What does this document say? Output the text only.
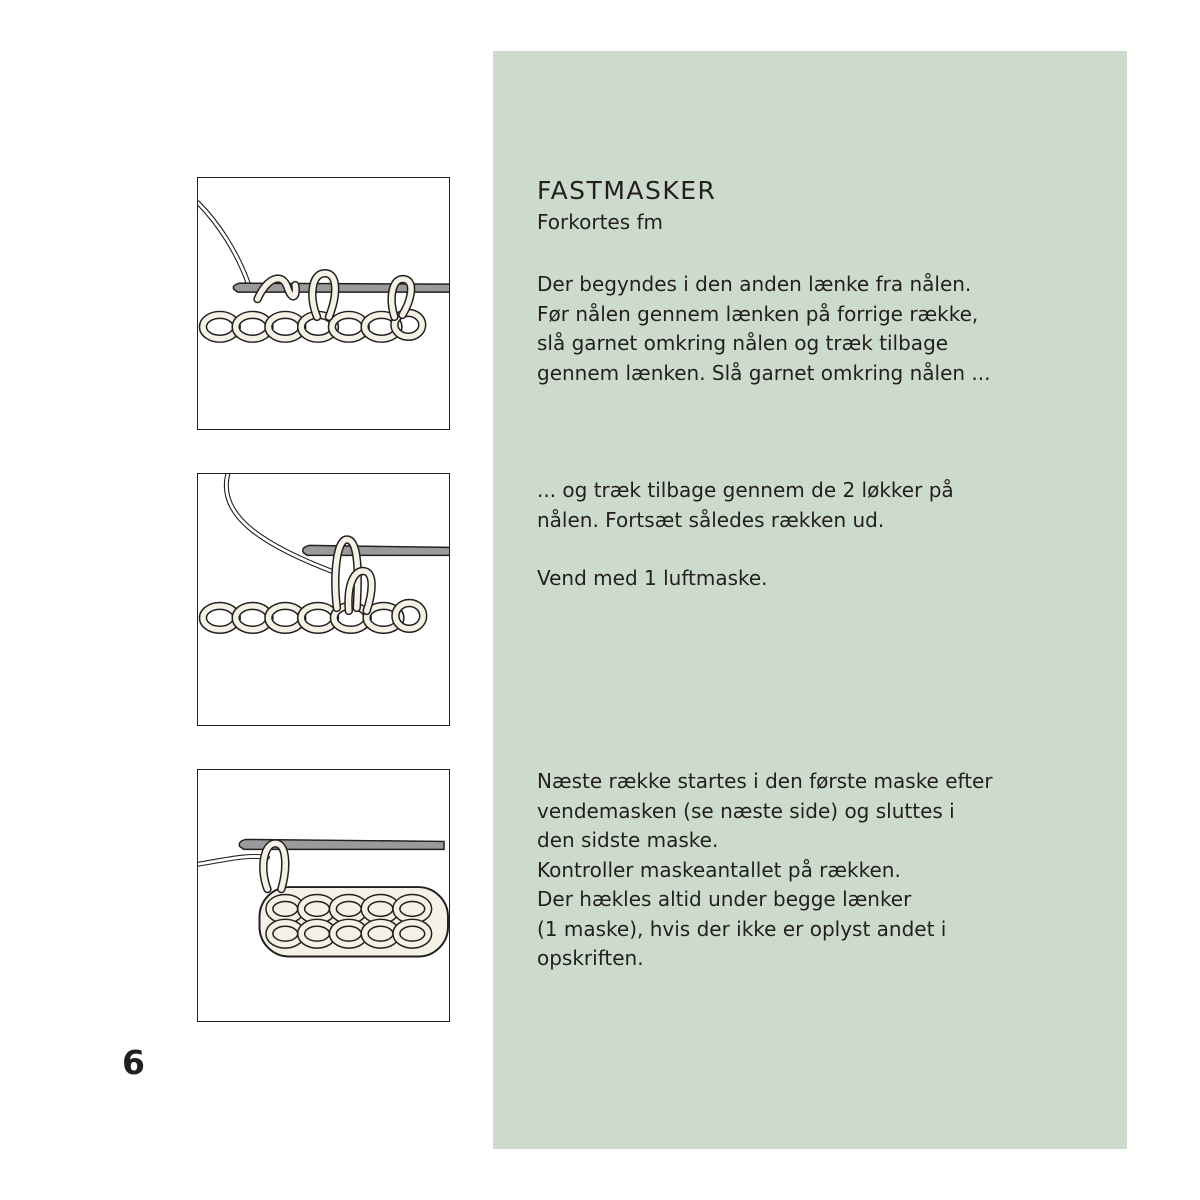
FASTMASKER
Forkortes fm
Der begyndes i den anden lænke fra nålen.
Før nålen gennem lænken på forrige række,
slå garnet omkring nålen og træk tilbage
gennem lænken. Slå garnet omkring nålen ...
... og træk tilbage gennem de 2 løkker på
nålen. Fortsæt således rækken ud.
Vend med 1 luftmaske.
Næste række startes i den første maske efter
vendemasken (se næste side) og sluttes i
den sidste maske.
Kontroller maskeantallet på rækken.
Der hækles altid under begge lænker
(1 maske), hvis der ikke er oplyst andet i
opskriften.
6
